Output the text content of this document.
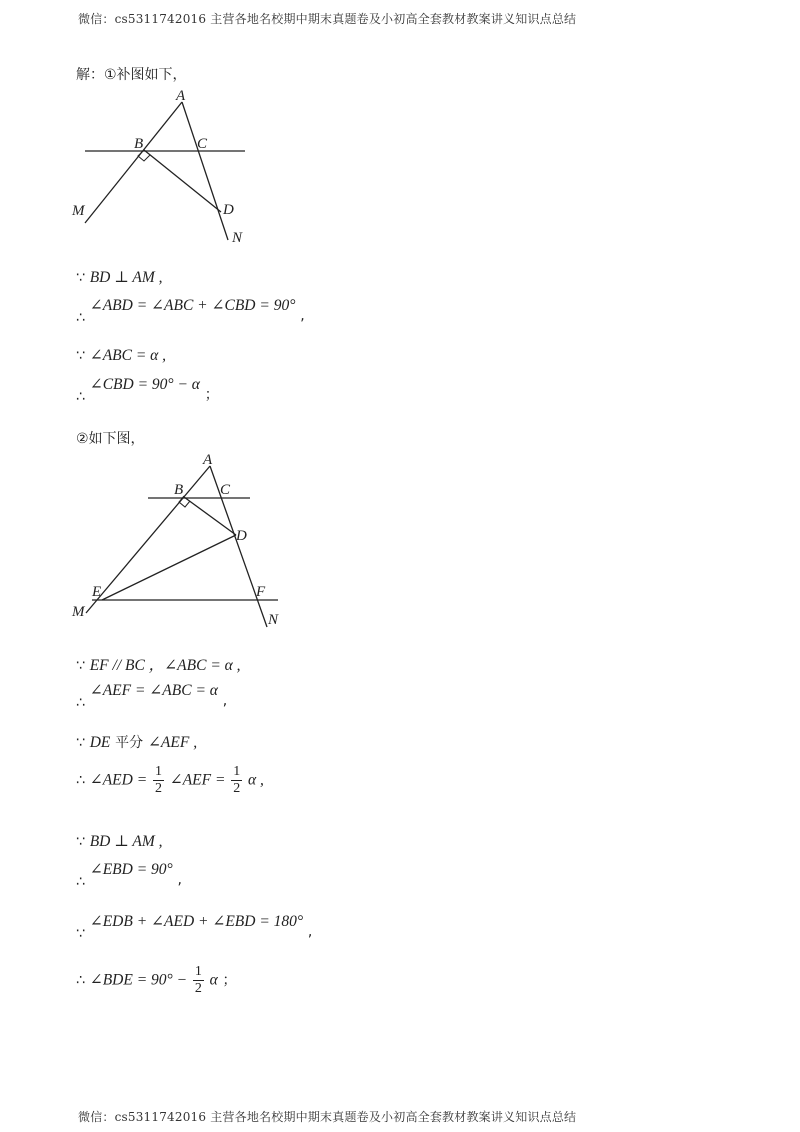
微信：cs5311742016 主营各地名校期中期末真题卷及小初高全套教材教案讲义知识点总结
解：①补图如下，
A
B	C
D
M
N
∵ BD ⊥ AM ,
∴ ∠ABD = ∠ABC + ∠CBD = 90° ,
∵ ∠ABC = α ,
∴ ∠CBD = 90° − α ；
②如下图，
A
B C
D
E	F
M	N
∵ EF // BC ，∠ABC = α ,
∴ ∠AEF = ∠ABC = α ,
∵ DE 平分 ∠AEF ,
∴ ∠AED = $\frac{1}{2}$ ∠AEF = $\frac{1}{2}$ α ,
∵ BD ⊥ AM ,
∴ ∠EBD = 90° ,
∵ ∠EDB + ∠AED + ∠EBD = 180° ,
∴ ∠BDE = $90^\circ - \frac{1}{2}$ α ；
微信：cs5311742016 主营各地名校期中期末真题卷及小初高全套教材教案讲义知识点总结
